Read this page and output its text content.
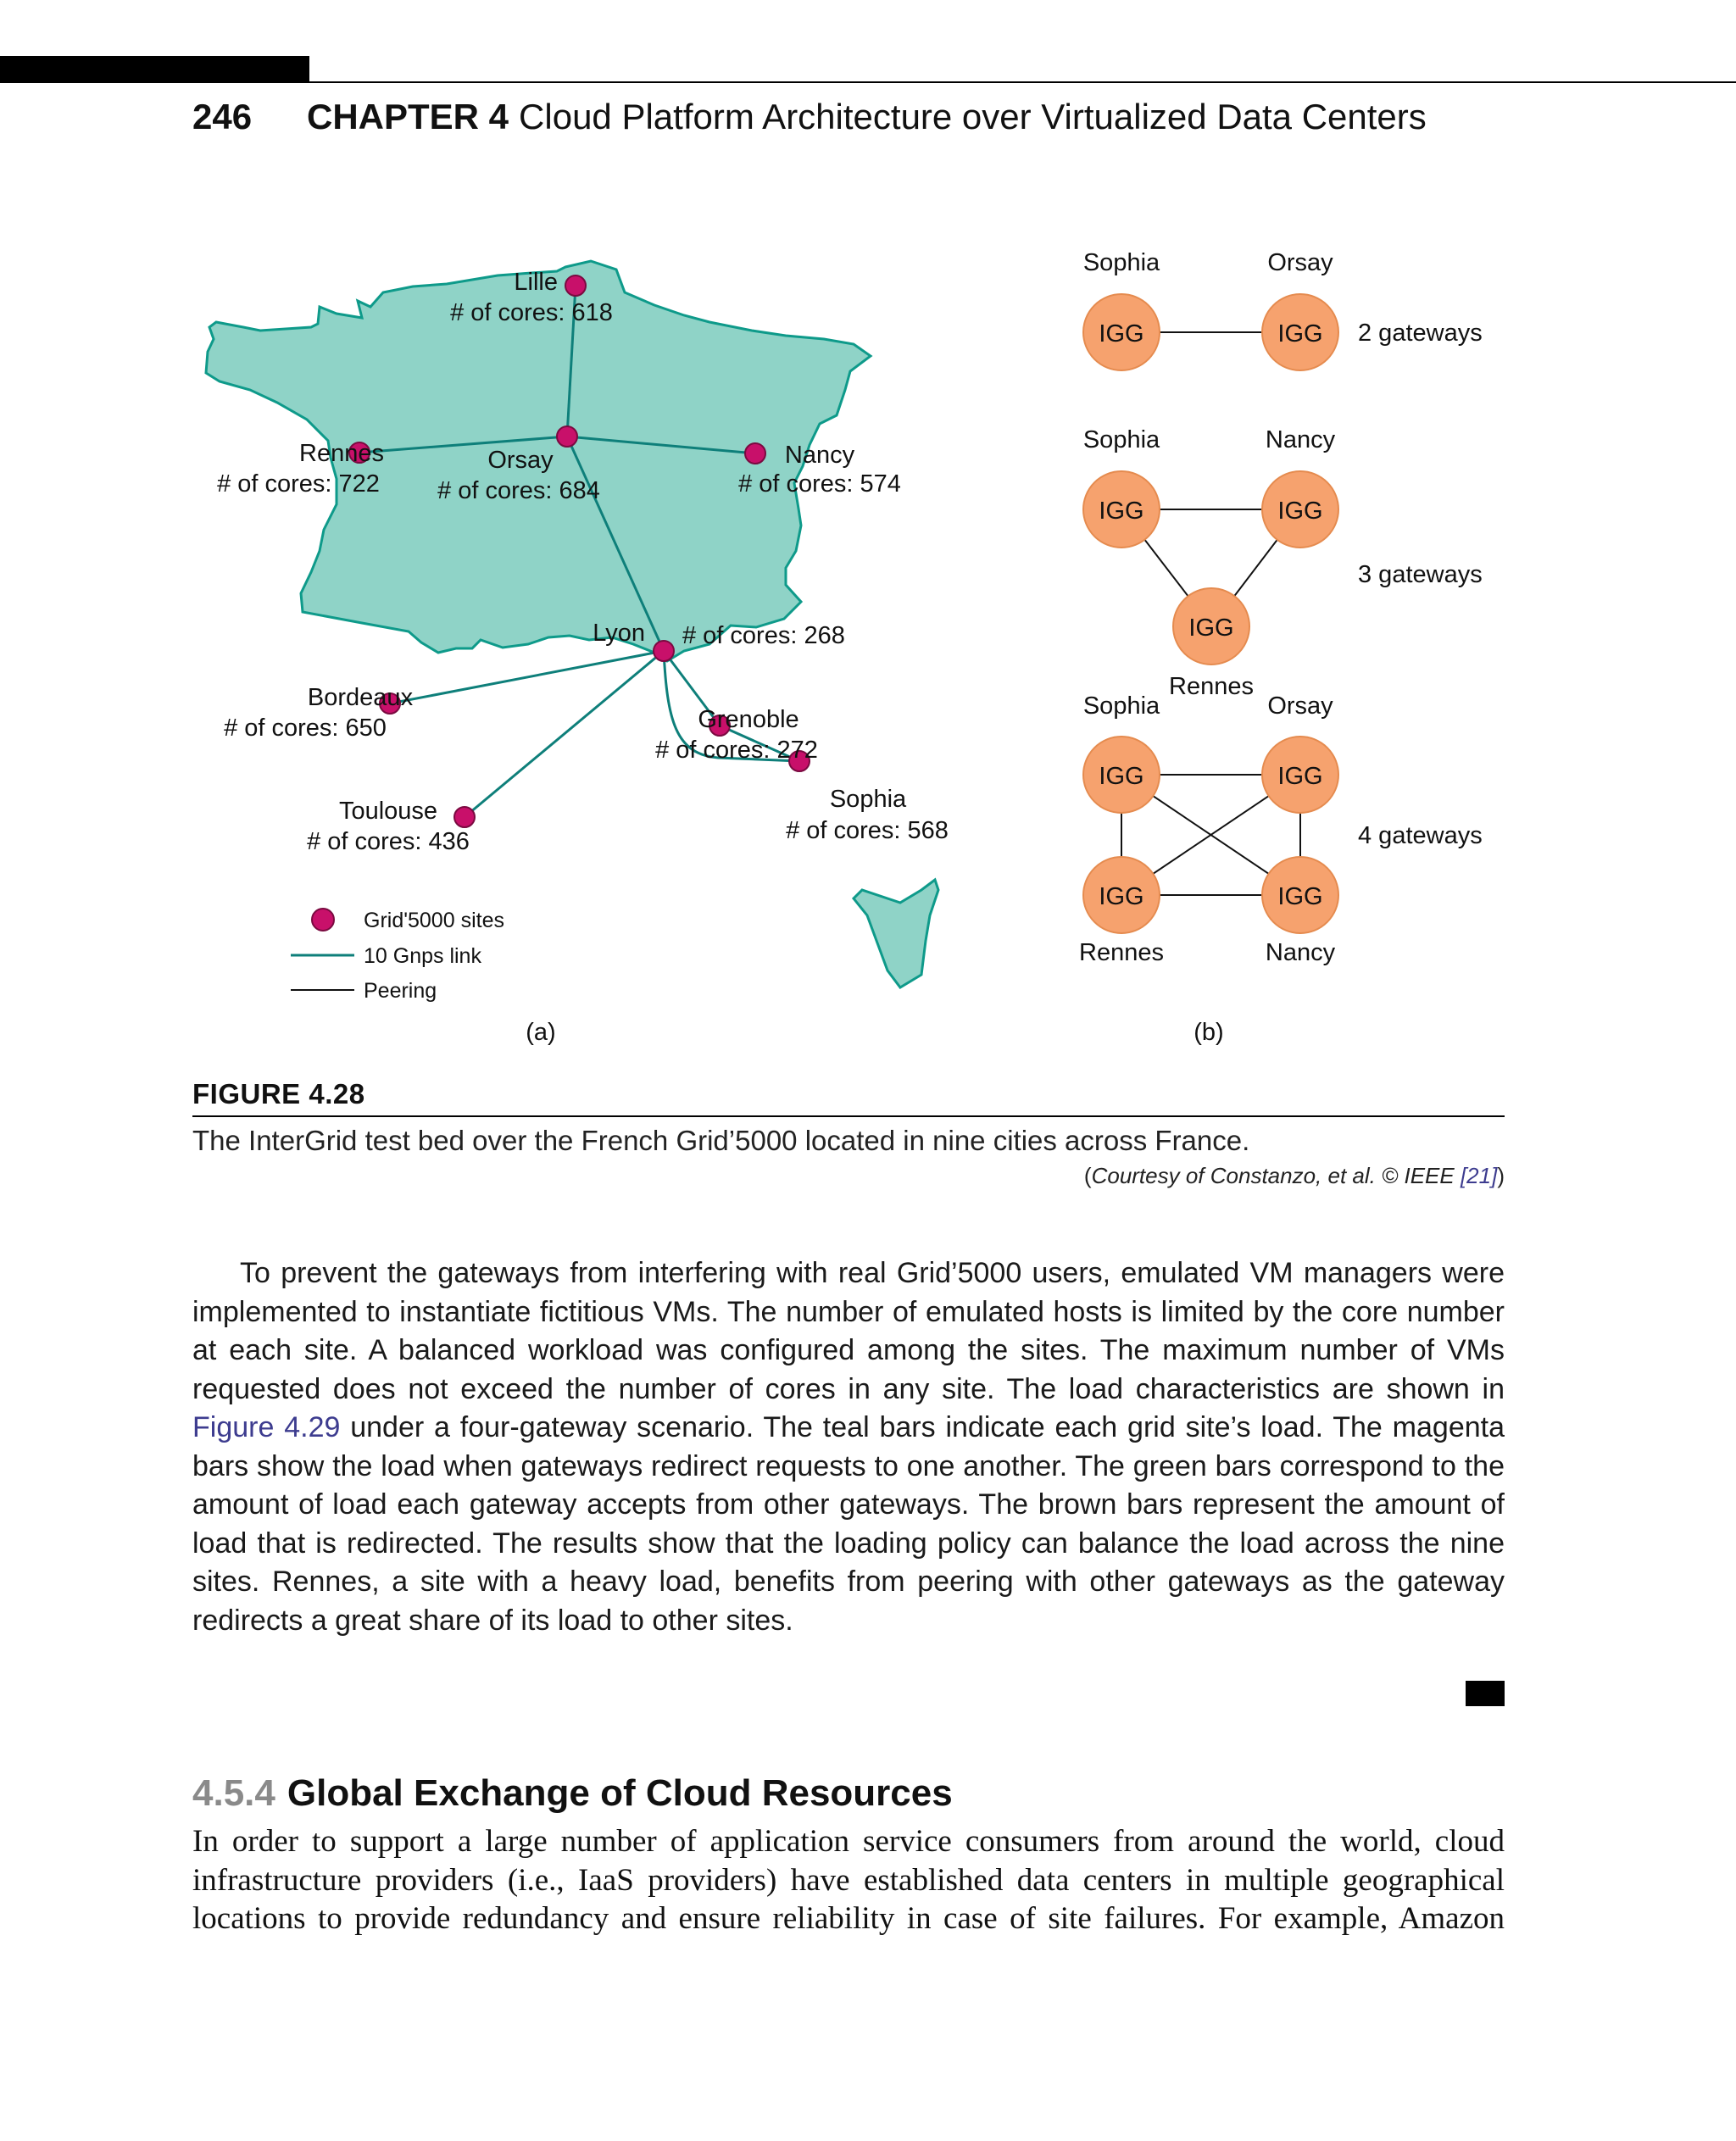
246 CHAPTER 4 Cloud Platform Architecture over Virtualized Data Centers
Lille
# of cores: 618
Rennes
# of cores: 722
Orsay
# of cores: 684
Nancy
# of cores: 574
Lyon # of cores: 268
Bordeaux
# of cores: 650	Grenoble
# of cores: 272
Toulouse
# of cores: 436
Sophia
# of cores: 568
Grid'5000 sites
10 Gnps link
Peering
(a)
IGG	IGG
IGG	IGG
IGG
IGG	IGG
IGG	IGG
Sophia	Orsay
2 gateways
Sophia	Nancy
Rennes
3 gateways
Sophia	Orsay
Rennes	Nancy
4 gateways
(b)
FIGURE 4.28
The InterGrid test bed over the French Grid’5000 located in nine cities across France.
(Courtesy of Constanzo, et al. © IEEE [21])
To prevent the gateways from interfering with real Grid’5000 users, emulated VM managers were implemented to instantiate fictitious VMs. The number of emulated hosts is limited by the core number at each site. A balanced workload was configured among the sites. The maximum number of VMs requested does not exceed the number of cores in any site. The load characteristics are shown in Figure 4.29 under a four-gateway scenario. The teal bars indicate each grid site’s load. The magenta bars show the load when gateways redirect requests to one another. The green bars correspond to the amount of load each gateway accepts from other gateways. The brown bars represent the amount of load that is redirected. The results show that the loading policy can balance the load across the nine sites. Rennes, a site with a heavy load, benefits from peering with other gateways as the gateway redirects a great share of its load to other sites.
4.5.4 Global Exchange of Cloud Resources
In order to support a large number of application service consumers from around the world, cloud infrastructure providers (i.e., IaaS providers) have established data centers in multiple geographical locations to provide redundancy and ensure reliability in case of site failures. For example, Amazon
